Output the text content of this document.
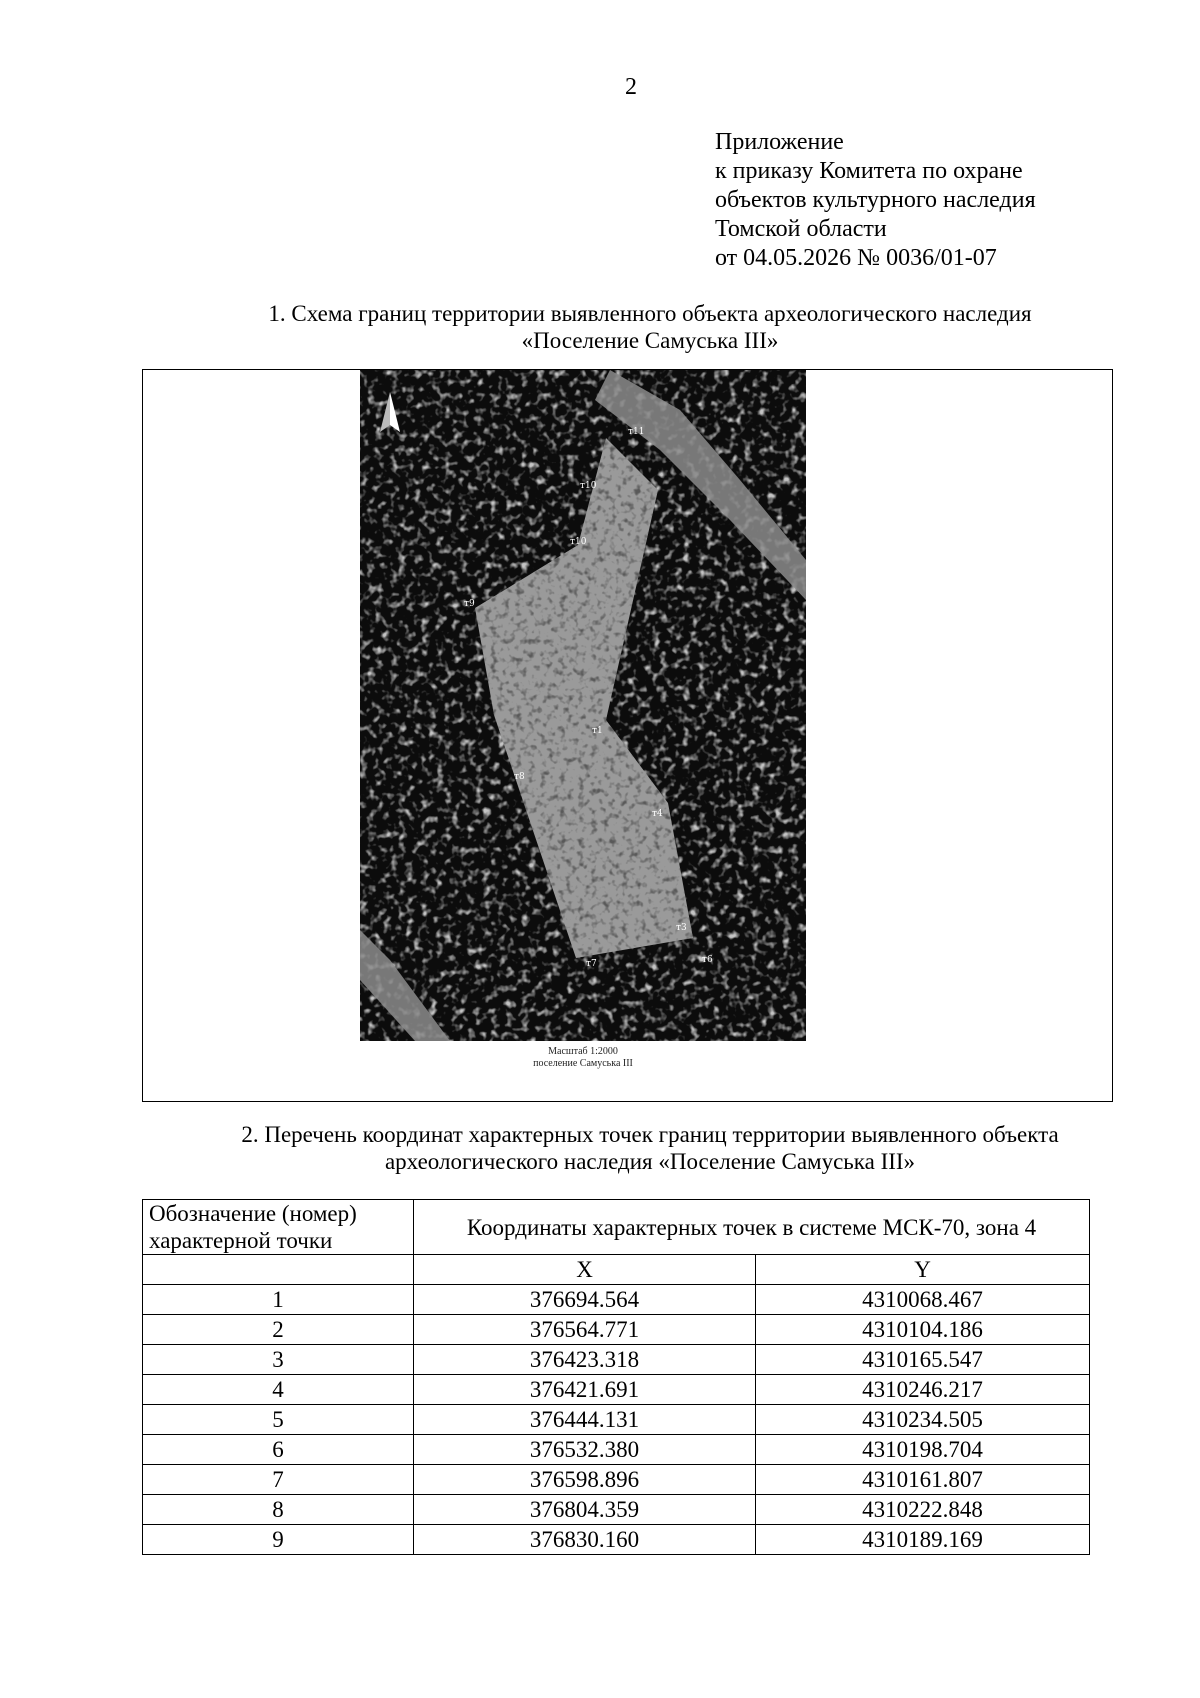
2
Приложение
к приказу Комитета по охране
объектов культурного наследия
Томской области
от 04.05.2026 № 0036/01-07
1. Схема границ территории выявленного объекта археологического наследия
«Поселение Самуська III»
т11
т10
т10
т9
т1
т8
т4
т3
т7	т6
Масштаб 1:2000
поселение Самуська III
2. Перечень координат характерных точек границ территории выявленного объекта
археологического наследия «Поселение Самуська III»
Обозначение (номер) характерной точки	Координаты характерных точек в системе МСК-70, зона 4	
	X	Y
1	376694.564	4310068.467
2	376564.771	4310104.186
3	376423.318	4310165.547
4	376421.691	4310246.217
5	376444.131	4310234.505
6	376532.380	4310198.704
7	376598.896	4310161.807
8	376804.359	4310222.848
9	376830.160	4310189.169
